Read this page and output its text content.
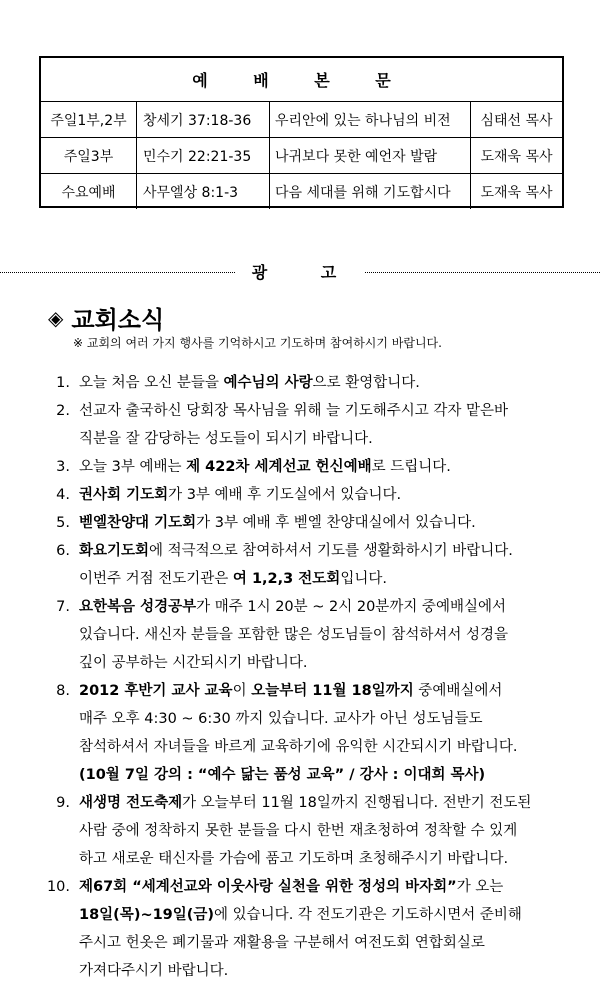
예 배 본 문
주일1부,2부	창세기 37:18-36	우리안에 있는 하나님의 비전	심태선 목사
주일3부	민수기 22:21-35	나귀보다 못한 예언자 발람	도재욱 목사
수요예배	사무엘상 8:1-3	다음 세대를 위해 기도합시다	도재욱 목사
광 고
◈ 교회소식
※ 교회의 여러 가지 행사를 기억하시고 기도하며 참여하시기 바랍니다.
1. 오늘 처음 오신 분들을 예수님의 사랑으로 환영합니다.
2. 선교자 출국하신 당회장 목사님을 위해 늘 기도해주시고 각자 맡은바
직분을 잘 감당하는 성도들이 되시기 바랍니다.
3. 오늘 3부 예배는 제 422차 세계선교 헌신예배로 드립니다.
4. 권사회 기도회가 3부 예배 후 기도실에서 있습니다.
5. 벧엘찬양대 기도회가 3부 예배 후 벧엘 찬양대실에서 있습니다.
6. 화요기도회에 적극적으로 참여하셔서 기도를 생활화하시기 바랍니다.
이번주 거점 전도기관은 여 1,2,3 전도회입니다.
7. 요한복음 성경공부가 매주 1시 20분 ~ 2시 20분까지 중예배실에서
있습니다. 새신자 분들을 포함한 많은 성도님들이 참석하셔서 성경을
깊이 공부하는 시간되시기 바랍니다.
8. 2012 후반기 교사 교육이 오늘부터 11월 18일까지 중예배실에서
매주 오후 4:30 ~ 6:30 까지 있습니다. 교사가 아닌 성도님들도
참석하셔서 자녀들을 바르게 교육하기에 유익한 시간되시기 바랍니다.
(10월 7일 강의 : “예수 닮는 품성 교육” / 강사 : 이대희 목사)
9. 새생명 전도축제가 오늘부터 11월 18일까지 진행됩니다. 전반기 전도된
사람 중에 정착하지 못한 분들을 다시 한번 재초청하여 정착할 수 있게
하고 새로운 태신자를 가슴에 품고 기도하며 초청해주시기 바랍니다.
10. 제67회 “세계선교와 이웃사랑 실천을 위한 정성의 바자회”가 오는
18일(목)~19일(금)에 있습니다. 각 전도기관은 기도하시면서 준비해
주시고 헌옷은 폐기물과 재활용을 구분해서 여전도회 연합회실로
가져다주시기 바랍니다.
